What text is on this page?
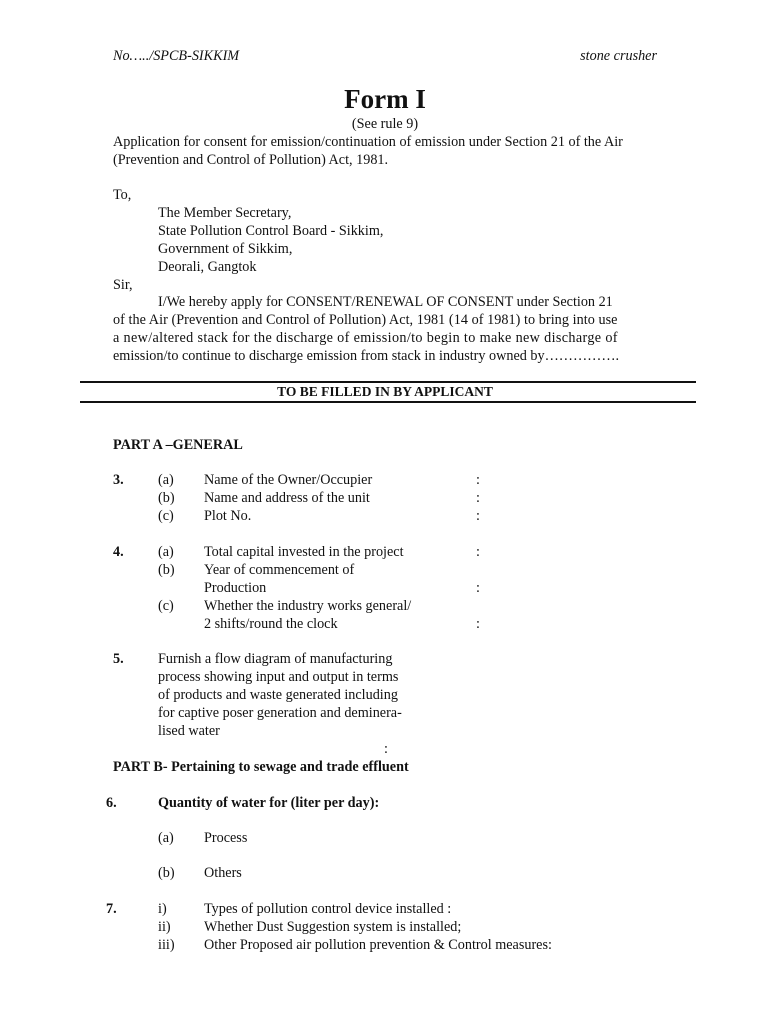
No…../SPCB-SIKKIM	stone crusher
Form I
(See rule 9)
Application for consent for emission/continuation of emission under Section 21 of the Air
(Prevention and Control of Pollution) Act, 1981.
To,
The Member Secretary,
State Pollution Control Board - Sikkim,
Government of Sikkim,
Deorali, Gangtok
Sir,
I/We hereby apply for CONSENT/RENEWAL OF CONSENT under Section 21
of the Air (Prevention and Control of Pollution) Act, 1981 (14 of 1981) to bring into use
a new/altered stack for the discharge of emission/to begin to make new discharge of
emission/to continue to discharge emission from stack in industry owned by…………….
TO BE FILLED IN BY APPLICANT
PART A –GENERAL
3. (a) Name of the Owner/Occupier	:
(b) Name and address of the unit	:
(c) Plot No.	:
4. (a) Total capital invested in the project	:
(b) Year of commencement of
Production	:
(c) Whether the industry works general/
2 shifts/round the clock	:
5. Furnish a flow diagram of manufacturing
process showing input and output in terms
of products and waste generated including
for captive poser generation and deminera-
lised water
:
PART B- Pertaining to sewage and trade effluent
6.	Quantity of water for (liter per day):
(a) Process
(b) Others
7.	i)	Types of pollution control device installed :
ii) Whether Dust Suggestion system is installed;
iii) Other Proposed air pollution prevention & Control measures:
